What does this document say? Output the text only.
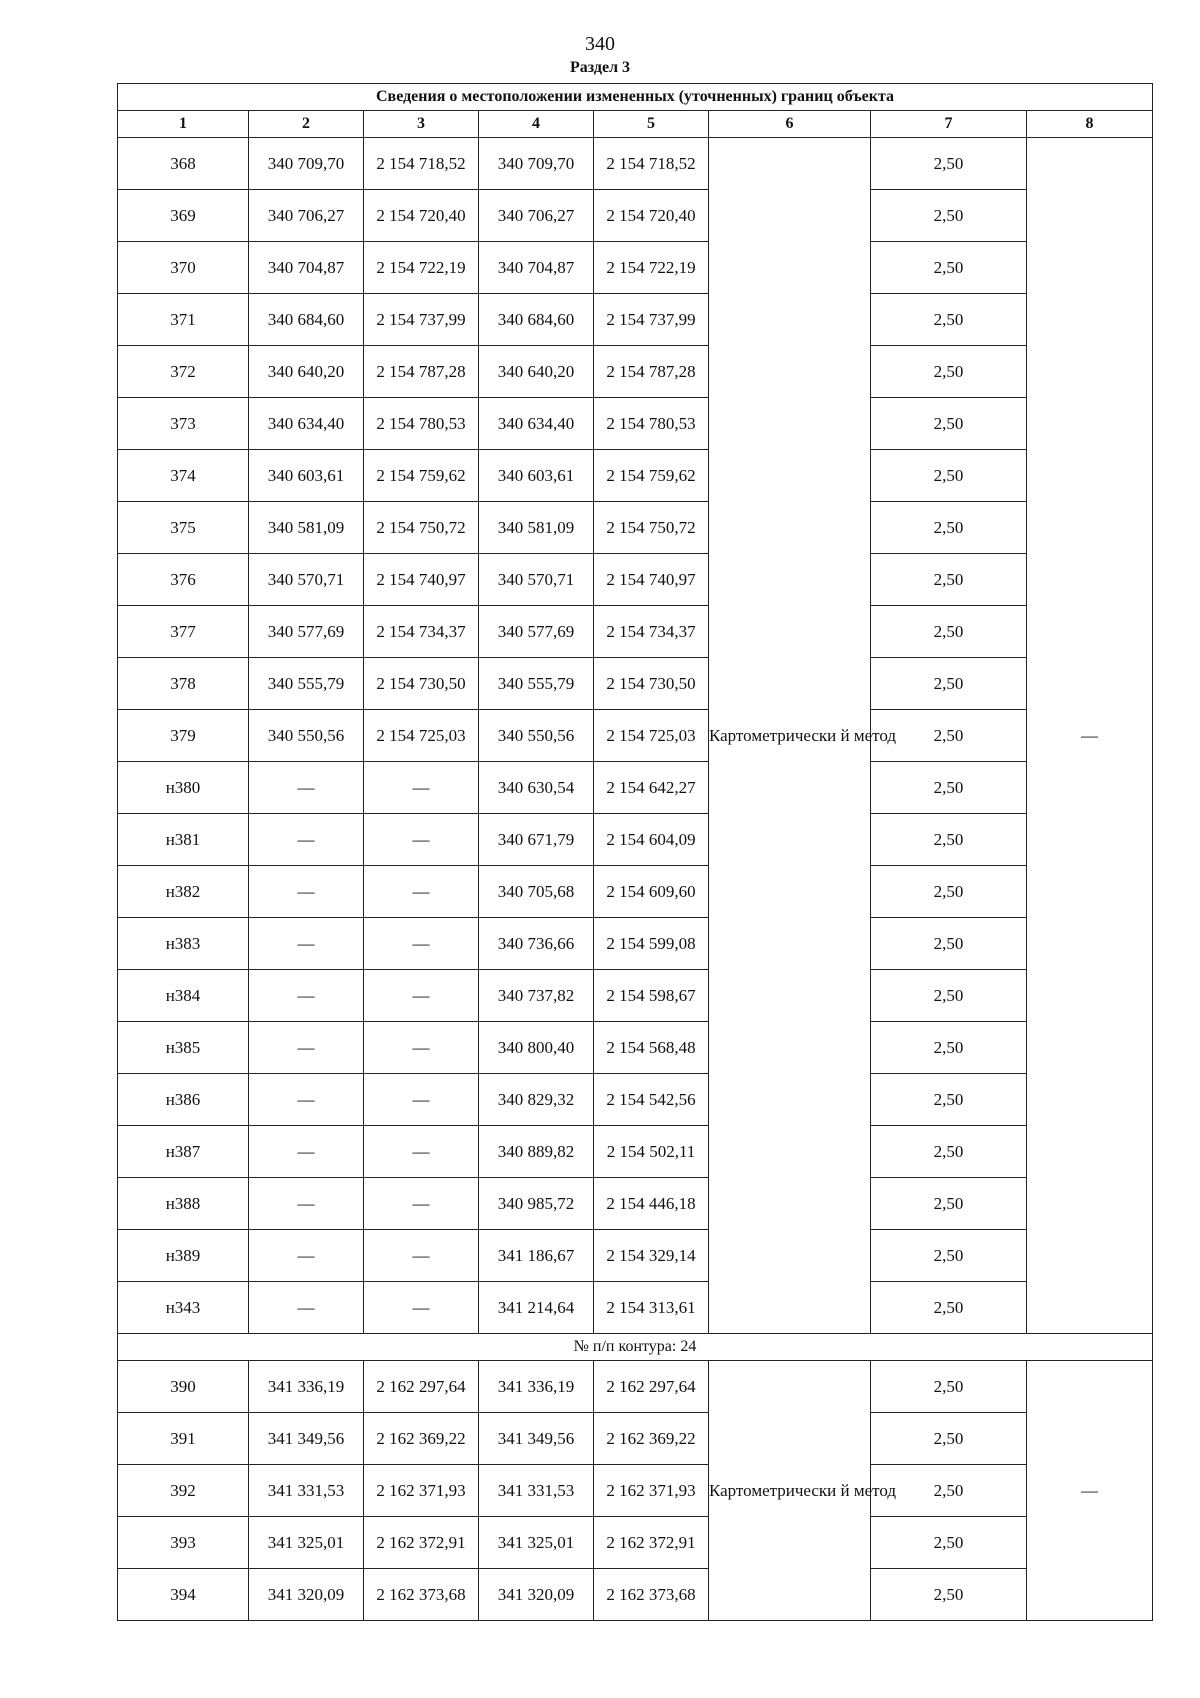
340
Раздел 3
Сведения о местоположении измененных (уточненных) границ объекта							
1	2	3	4	5	6	7	8
368	340 709,70	2 154 718,52	340 709,70	2 154 718,52	Картометрически й метод	2,50	—
369	340 706,27	2 154 720,40	340 706,27	2 154 720,40		2,50	
370	340 704,87	2 154 722,19	340 704,87	2 154 722,19		2,50	
371	340 684,60	2 154 737,99	340 684,60	2 154 737,99		2,50	
372	340 640,20	2 154 787,28	340 640,20	2 154 787,28		2,50	
373	340 634,40	2 154 780,53	340 634,40	2 154 780,53		2,50	
374	340 603,61	2 154 759,62	340 603,61	2 154 759,62		2,50	
375	340 581,09	2 154 750,72	340 581,09	2 154 750,72		2,50	
376	340 570,71	2 154 740,97	340 570,71	2 154 740,97		2,50	
377	340 577,69	2 154 734,37	340 577,69	2 154 734,37		2,50	
378	340 555,79	2 154 730,50	340 555,79	2 154 730,50		2,50	
379	340 550,56	2 154 725,03	340 550,56	2 154 725,03		2,50	
н380	—	—	340 630,54	2 154 642,27		2,50	
н381	—	—	340 671,79	2 154 604,09		2,50	
н382	—	—	340 705,68	2 154 609,60		2,50	
н383	—	—	340 736,66	2 154 599,08		2,50	
н384	—	—	340 737,82	2 154 598,67		2,50	
н385	—	—	340 800,40	2 154 568,48		2,50	
н386	—	—	340 829,32	2 154 542,56		2,50	
н387	—	—	340 889,82	2 154 502,11		2,50	
н388	—	—	340 985,72	2 154 446,18		2,50	
н389	—	—	341 186,67	2 154 329,14		2,50	
н343	—	—	341 214,64	2 154 313,61		2,50	
№ п/п контура: 24							
390	341 336,19	2 162 297,64	341 336,19	2 162 297,64	Картометрически й метод	2,50	—
391	341 349,56	2 162 369,22	341 349,56	2 162 369,22		2,50	
392	341 331,53	2 162 371,93	341 331,53	2 162 371,93		2,50	
393	341 325,01	2 162 372,91	341 325,01	2 162 372,91		2,50	
394	341 320,09	2 162 373,68	341 320,09	2 162 373,68		2,50	
